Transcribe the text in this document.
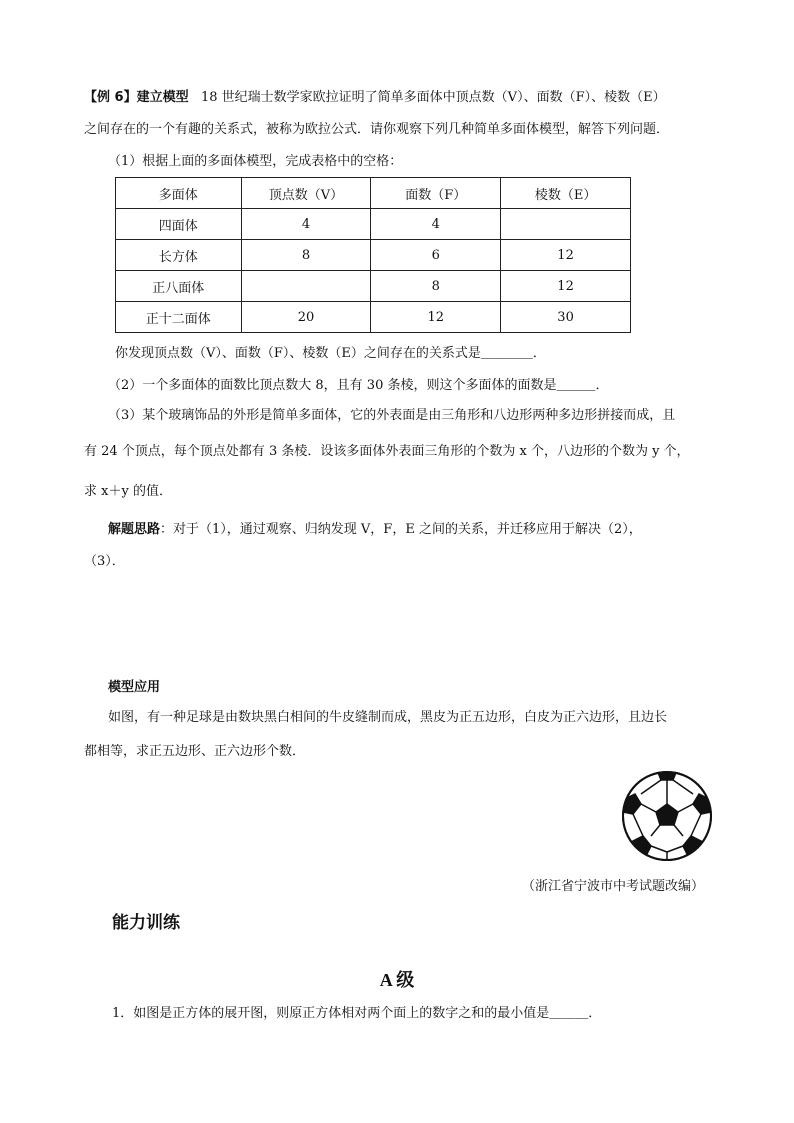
【例 6】建立模型 18 世纪瑞士数学家欧拉证明了简单多面体中顶点数（V）、面数（F）、棱数（E）
之间存在的一个有趣的关系式，被称为欧拉公式．请你观察下列几种简单多面体模型，解答下列问题．
（1）根据上面的多面体模型，完成表格中的空格：
多面体	顶点数（V）	面数（F）	棱数（E）
四面体	4	4	
长方体	8	6	12
正八面体		8	12
正十二面体	20	12	30
你发现顶点数（V）、面数（F）、棱数（E）之间存在的关系式是＿＿＿＿．
（2）一个多面体的面数比顶点数大 8，且有 30 条棱，则这个多面体的面数是＿＿＿．
（3）某个玻璃饰品的外形是简单多面体，它的外表面是由三角形和八边形两种多边形拼接而成，且
有 24 个顶点，每个顶点处都有 3 条棱．设该多面体外表面三角形的个数为 x 个，八边形的个数为 y 个，
求 x＋y 的值．
解题思路：对于（1），通过观察、归纳发现 V，F，E 之间的关系，并迁移应用于解决（2），
（3）．
模型应用
如图，有一种足球是由数块黑白相间的牛皮缝制而成，黑皮为正五边形，白皮为正六边形，且边长
都相等，求正五边形、正六边形个数．
（浙江省宁波市中考试题改编）
能力训练
A 级
1．如图是正方体的展开图，则原正方体相对两个面上的数字之和的最小值是＿＿＿．
